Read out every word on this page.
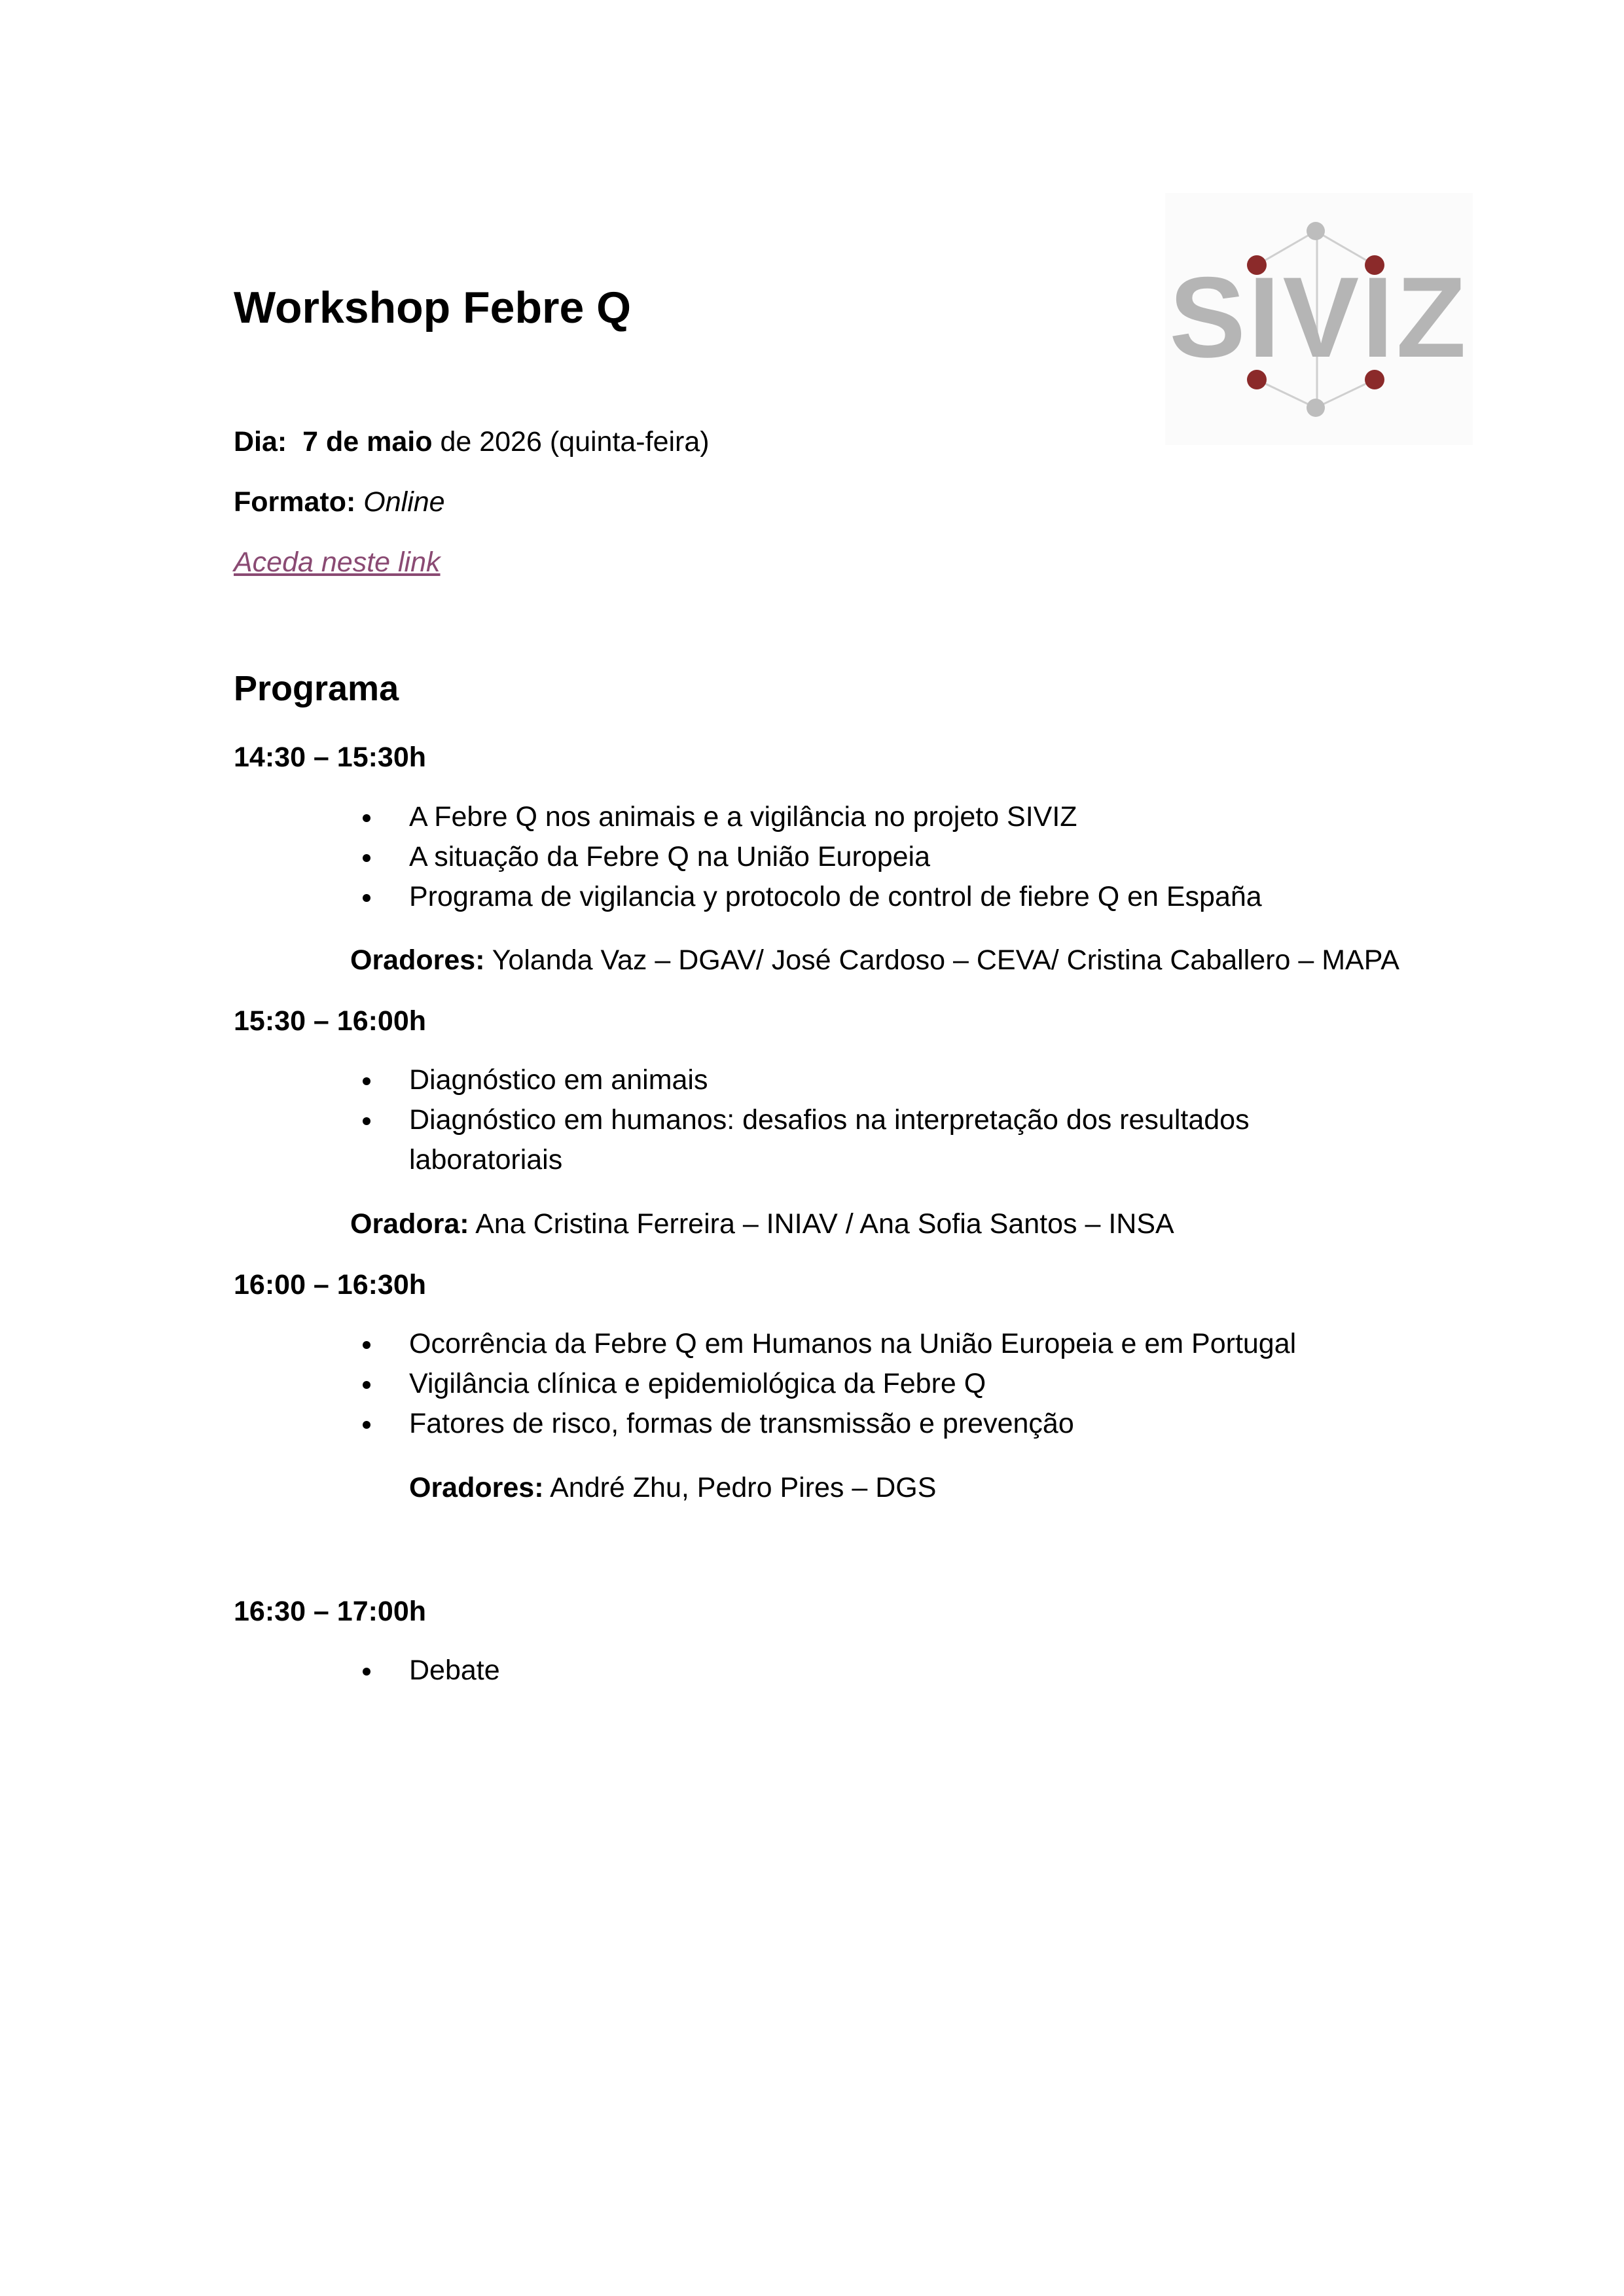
SIVIZ
Workshop Febre Q

Dia: 7 de maio de 2026 (quinta-feira)

Formato: Online

Aceda neste link

Programa

14:30 – 15:30h

A Febre Q nos animais e a vigilância no projeto SIVIZ
A situação da Febre Q na União Europeia
Programa de vigilancia y protocolo de control de fiebre Q en España

Oradores: Yolanda Vaz – DGAV/ José Cardoso – CEVA/ Cristina Caballero – MAPA

15:30 – 16:00h

Diagnóstico em animais
Diagnóstico em humanos: desafios na interpretação dos resultados laboratoriais

Oradora: Ana Cristina Ferreira – INIAV / Ana Sofia Santos – INSA

16:00 – 16:30h

Ocorrência da Febre Q em Humanos na União Europeia e em Portugal
Vigilância clínica e epidemiológica da Febre Q
Fatores de risco, formas de transmissão e prevenção

Oradores: André Zhu, Pedro Pires – DGS

16:30 – 17:00h

Debate
